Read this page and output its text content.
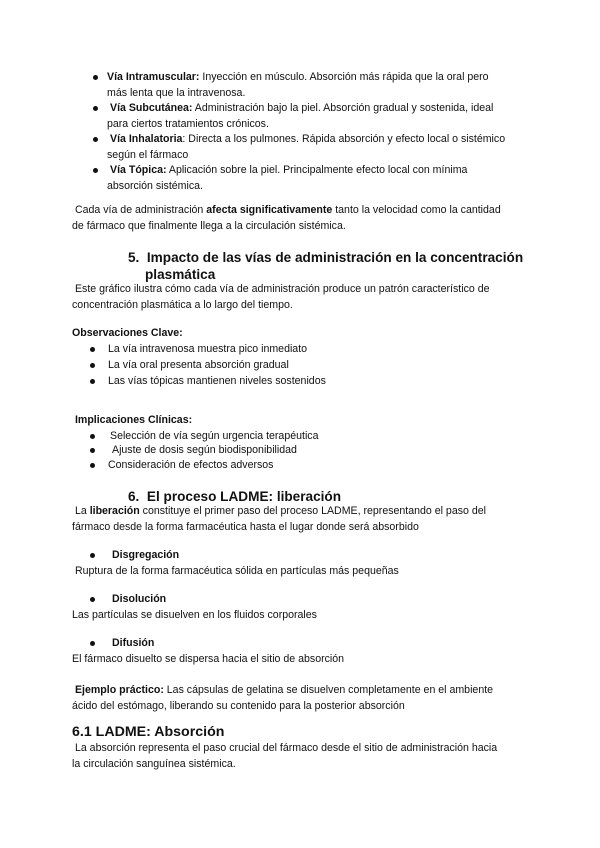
Vía Intramuscular: Inyección en músculo. Absorción más rápida que la oral pero
más lenta que la intravenosa.
Vía Subcutánea: Administración bajo la piel. Absorción gradual y sostenida, ideal
para ciertos tratamientos crónicos.
Vía Inhalatoria: Directa a los pulmones. Rápida absorción y efecto local o sistémico
según el fármaco
Vía Tópica: Aplicación sobre la piel. Principalmente efecto local con mínima
absorción sistémica.
Cada vía de administración afecta significativamente tanto la velocidad como la cantidad
de fármaco que finalmente llega a la circulación sistémica.
5. Impacto de las vías de administración en la concentración
plasmática
Este gráfico ilustra cómo cada vía de administración produce un patrón característico de
concentración plasmática a lo largo del tiempo.
Observaciones Clave:
La vía intravenosa muestra pico inmediato
La vía oral presenta absorción gradual
Las vías tópicas mantienen niveles sostenidos
Implicaciones Clínicas:
Selección de vía según urgencia terapéutica
Ajuste de dosis según biodisponibilidad
Consideración de efectos adversos
6. El proceso LADME: liberación
La liberación constituye el primer paso del proceso LADME, representando el paso del
fármaco desde la forma farmacéutica hasta el lugar donde será absorbido
Disgregación
Ruptura de la forma farmacéutica sólida en partículas más pequeñas
Disolución
Las partículas se disuelven en los fluidos corporales
Difusión
El fármaco disuelto se dispersa hacia el sitio de absorción
Ejemplo práctico: Las cápsulas de gelatina se disuelven completamente en el ambiente
ácido del estómago, liberando su contenido para la posterior absorción
6.1 LADME: Absorción
La absorción representa el paso crucial del fármaco desde el sitio de administración hacia
la circulación sanguínea sistémica.
